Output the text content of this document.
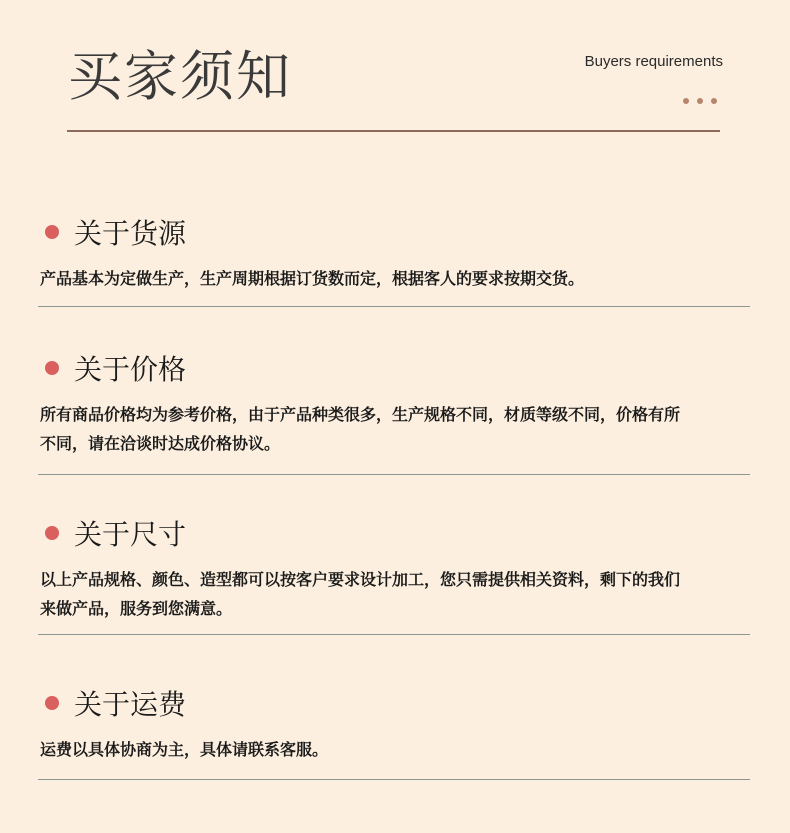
买家须知	Buyers requirements
关于货源
产品基本为定做生产，生产周期根据订货数而定，根据客人的要求按期交货。
关于价格
所有商品价格均为参考价格，由于产品种类很多，生产规格不同，材质等级不同，价格有所
不同，请在洽谈时达成价格协议。
关于尺寸
以上产品规格、颜色、造型都可以按客户要求设计加工，您只需提供相关资料，剩下的我们
来做产品，服务到您满意。
关于运费
运费以具体协商为主，具体请联系客服。
